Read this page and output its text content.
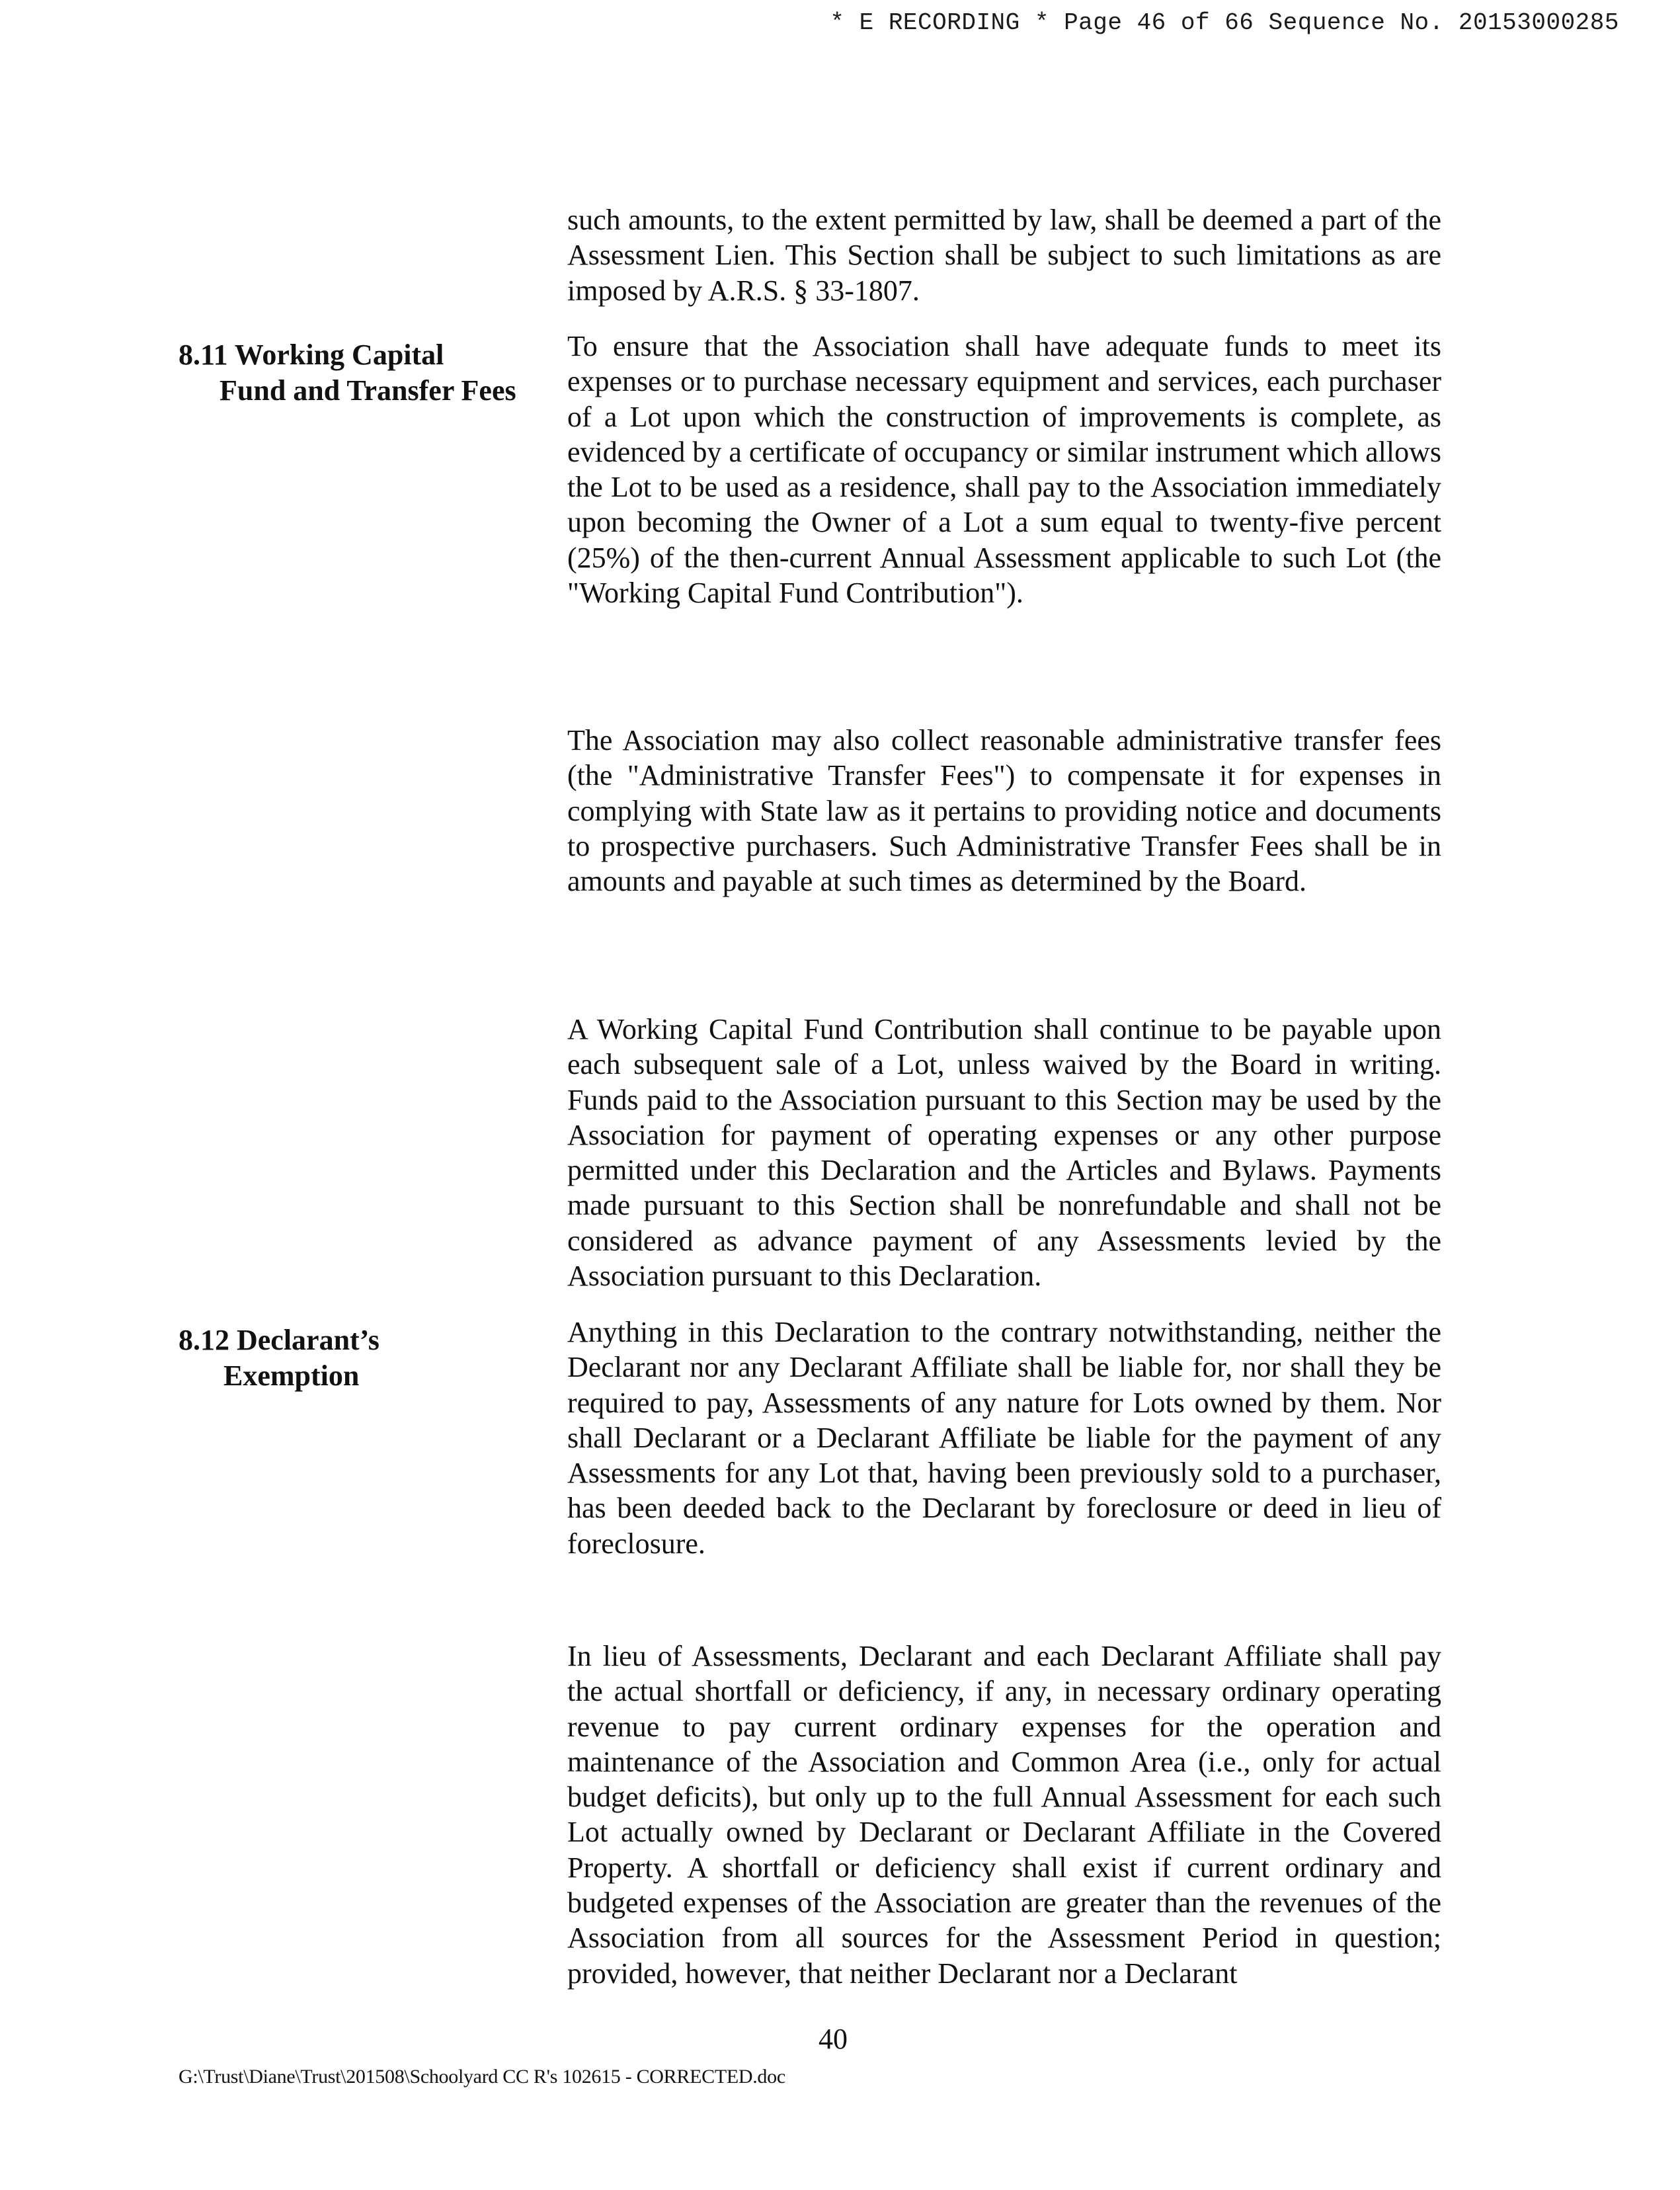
* E RECORDING * Page 46 of 66 Sequence No. 20153000285

such amounts, to the extent permitted by law, shall be deemed a part of the Assessment Lien. This Section shall be subject to such limitations as are imposed by A.R.S. § 33-1807.

8.11 Working Capital
Fund and Transfer Fees

To ensure that the Association shall have adequate funds to meet its expenses or to purchase necessary equipment and services, each purchaser of a Lot upon which the construction of improvements is complete, as evidenced by a certificate of occupancy or similar instrument which allows the Lot to be used as a residence, shall pay to the Association immediately upon becoming the Owner of a Lot a sum equal to twenty-five percent (25%) of the then-current Annual Assessment applicable to such Lot (the "Working Capital Fund Contribution").

The Association may also collect reasonable administrative transfer fees (the "Administrative Transfer Fees") to compensate it for expenses in complying with State law as it pertains to providing notice and documents to prospective purchasers. Such Administrative Transfer Fees shall be in amounts and payable at such times as determined by the Board.

A Working Capital Fund Contribution shall continue to be payable upon each subsequent sale of a Lot, unless waived by the Board in writing. Funds paid to the Association pursuant to this Section may be used by the Association for payment of operating expenses or any other purpose permitted under this Declaration and the Articles and Bylaws. Payments made pursuant to this Section shall be nonrefundable and shall not be considered as advance payment of any Assessments levied by the Association pursuant to this Declaration.

8.12 Declarant’s
Exemption

Anything in this Declaration to the contrary notwithstanding, neither the Declarant nor any Declarant Affiliate shall be liable for, nor shall they be required to pay, Assessments of any nature for Lots owned by them. Nor shall Declarant or a Declarant Affiliate be liable for the payment of any Assessments for any Lot that, having been previously sold to a purchaser, has been deeded back to the Declarant by foreclosure or deed in lieu of foreclosure.

In lieu of Assessments, Declarant and each Declarant Affiliate shall pay the actual shortfall or deficiency, if any, in necessary ordinary operating revenue to pay current ordinary expenses for the operation and maintenance of the Association and Common Area (i.e., only for actual budget deficits), but only up to the full Annual Assessment for each such Lot actually owned by Declarant or Declarant Affiliate in the Covered Property. A shortfall or deficiency shall exist if current ordinary and budgeted expenses of the Association are greater than the revenues of the Association from all sources for the Assessment Period in question; provided, however, that neither Declarant nor a Declarant

40
G:\Trust\Diane\Trust\201508\Schoolyard CC R's 102615 - CORRECTED.doc
